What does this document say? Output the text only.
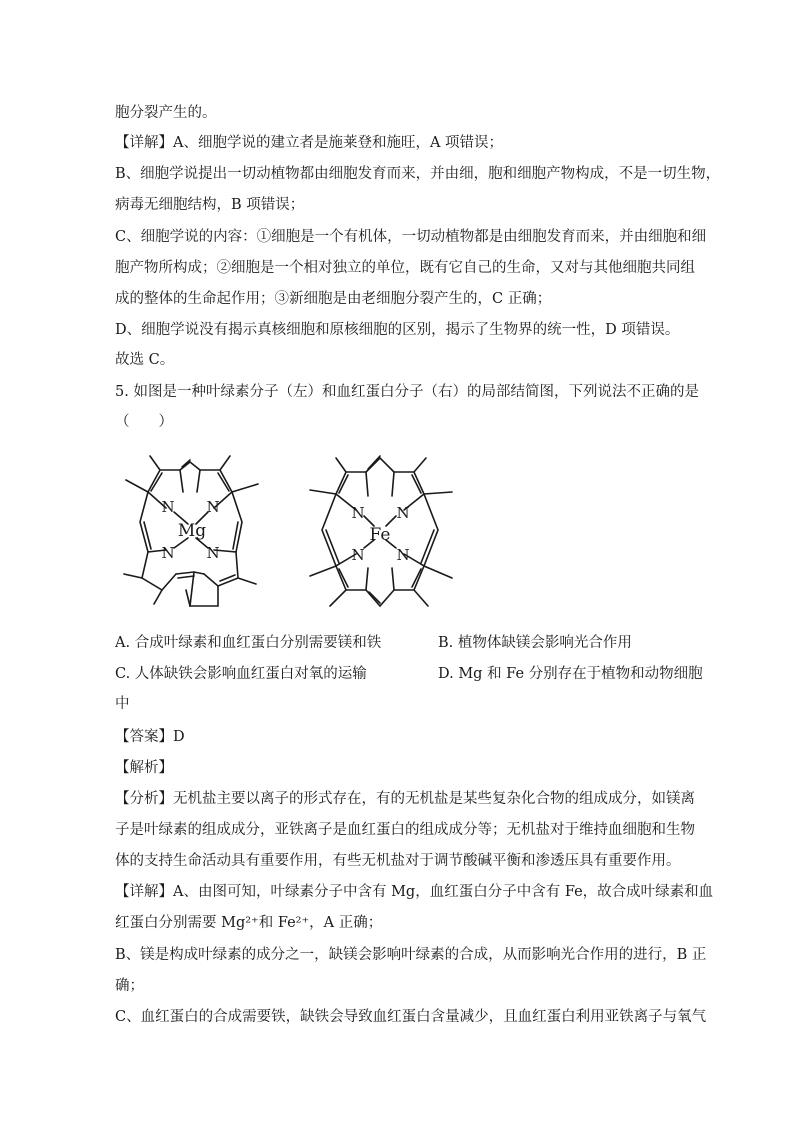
胞分裂产生的。
【详解】A、细胞学说的建立者是施莱登和施旺，A 项错误；
B、细胞学说提出一切动植物都由细胞发育而来，并由细，胞和细胞产物构成，不是一切生物，
病毒无细胞结构，B 项错误；
C、细胞学说的内容：①细胞是一个有机体，一切动植物都是由细胞发育而来，并由细胞和细
胞产物所构成；②细胞是一个相对独立的单位，既有它自己的生命，又对与其他细胞共同组
成的整体的生命起作用；③新细胞是由老细胞分裂产生的，C 正确；
D、细胞学说没有揭示真核细胞和原核细胞的区别，揭示了生物界的统一性，D 项错误。
故选 C。
5. 如图是一种叶绿素分子（左）和血红蛋白分子（右）的局部结简图，下列说法不正确的是
（　　）
N N
N N
Mg
N N
N N
Fe
A. 合成叶绿素和血红蛋白分别需要镁和铁	B. 植物体缺镁会影响光合作用
C. 人体缺铁会影响血红蛋白对氧的运输	D. Mg 和 Fe 分别存在于植物和动物细胞
中
【答案】D
【解析】
【分析】无机盐主要以离子的形式存在，有的无机盐是某些复杂化合物的组成成分，如镁离
子是叶绿素的组成成分，亚铁离子是血红蛋白的组成成分等；无机盐对于维持血细胞和生物
体的支持生命活动具有重要作用，有些无机盐对于调节酸碱平衡和渗透压具有重要作用。
【详解】A、由图可知，叶绿素分子中含有 Mg，血红蛋白分子中含有 Fe，故合成叶绿素和血
红蛋白分别需要 Mg²⁺和 Fe²⁺，A 正确；
B、镁是构成叶绿素的成分之一，缺镁会影响叶绿素的合成，从而影响光合作用的进行，B 正
确；
C、血红蛋白的合成需要铁，缺铁会导致血红蛋白含量减少，且血红蛋白利用亚铁离子与氧气
